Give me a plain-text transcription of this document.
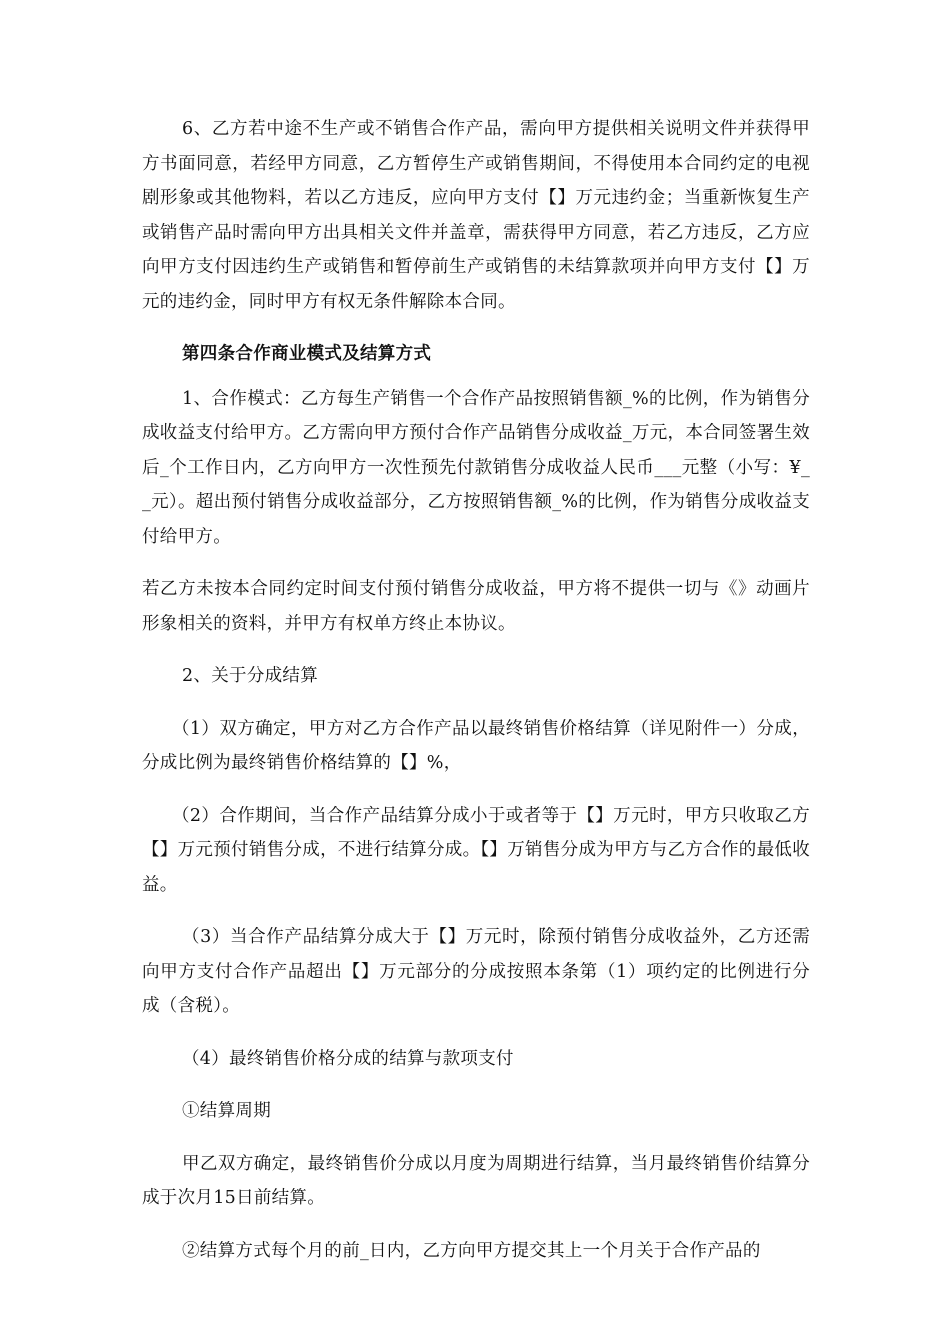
6、乙方若中途不生产或不销售合作产品，需向甲方提供相关说明文件并获得甲方书面同意，若经甲方同意，乙方暂停生产或销售期间，不得使用本合同约定的电视剧形象或其他物料，若以乙方违反，应向甲方支付【】万元违约金；当重新恢复生产或销售产品时需向甲方出具相关文件并盖章，需获得甲方同意，若乙方违反，乙方应向甲方支付因违约生产或销售和暂停前生产或销售的未结算款项并向甲方支付【】万元的违约金，同时甲方有权无条件解除本合同。

第四条合作商业模式及结算方式

1、合作模式：乙方每生产销售一个合作产品按照销售额_%的比例，作为销售分成收益支付给甲方。乙方需向甲方预付合作产品销售分成收益_万元，本合同签署生效后_个工作日内，乙方向甲方一次性预先付款销售分成收益人民币___元整（小写：¥__元）。超出预付销售分成收益部分，乙方按照销售额_%的比例，作为销售分成收益支付给甲方。

若乙方未按本合同约定时间支付预付销售分成收益，甲方将不提供一切与《》动画片形象相关的资料，并甲方有权单方终止本协议。

2、关于分成结算

（1）双方确定，甲方对乙方合作产品以最终销售价格结算（详见附件一）分成，分成比例为最终销售价格结算的【】%，

（2）合作期间，当合作产品结算分成小于或者等于【】万元时，甲方只收取乙方【】万元预付销售分成，不进行结算分成。【】万销售分成为甲方与乙方合作的最低收益。

（3）当合作产品结算分成大于【】万元时，除预付销售分成收益外，乙方还需向甲方支付合作产品超出【】万元部分的分成按照本条第（1）项约定的比例进行分成（含税）。

（4）最终销售价格分成的结算与款项支付

①结算周期

甲乙双方确定，最终销售价分成以月度为周期进行结算，当月最终销售价结算分成于次月15日前结算。

②结算方式每个月的前_日内，乙方向甲方提交其上一个月关于合作产品的
